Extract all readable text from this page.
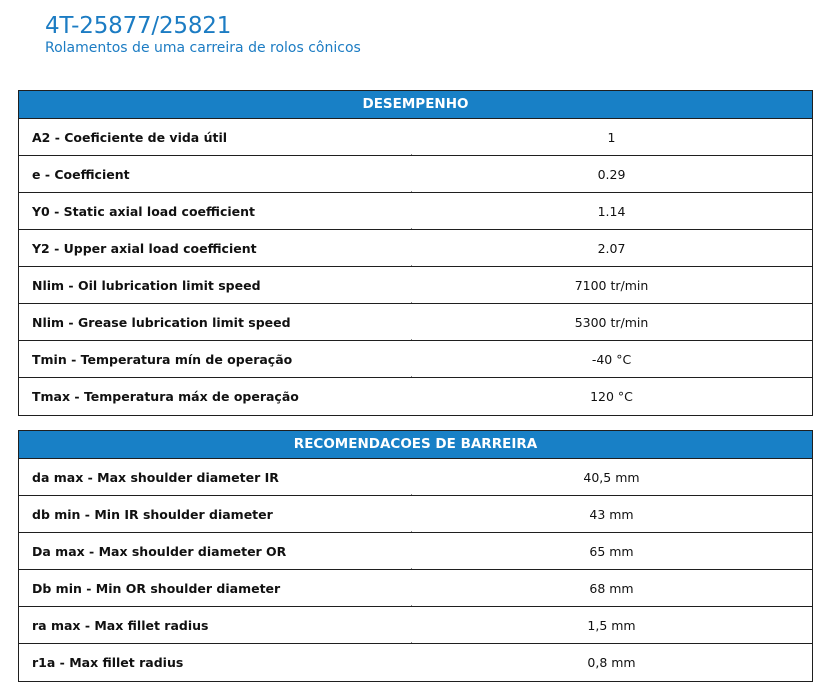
4T-25877/25821
Rolamentos de uma carreira de rolos cônicos
DESEMPENHO
A2 - Coeficiente de vida útil	1
e - Coefficient	0.29
Y0 - Static axial load coefficient	1.14
Y2 - Upper axial load coefficient	2.07
Nlim - Oil lubrication limit speed	7100 tr/min
Nlim - Grease lubrication limit speed	5300 tr/min
Tmin - Temperatura mín de operação	-40 °C
Tmax - Temperatura máx de operação	120 °C
RECOMENDACOES DE BARREIRA
da max - Max shoulder diameter IR	40,5 mm
db min - Min IR shoulder diameter	43 mm
Da max - Max shoulder diameter OR	65 mm
Db min - Min OR shoulder diameter	68 mm
ra max - Max fillet radius	1,5 mm
r1a - Max fillet radius	0,8 mm
